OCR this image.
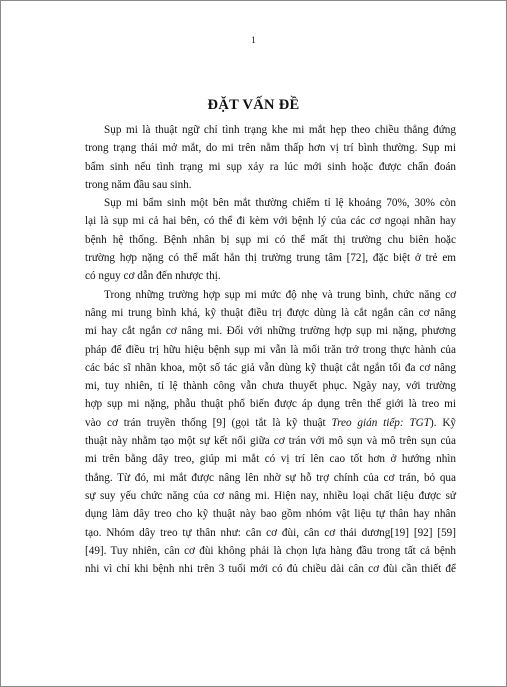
1
ĐẶT VẤN ĐỀ
Sụp mi là thuật ngữ chỉ tình trạng khe mi mắt hẹp theo chiều thẳng đứng
trong trạng thái mở mắt, do mi trên nằm thấp hơn vị trí bình thường. Sụp mi
bẩm sinh nếu tình trạng mi sụp xảy ra lúc mới sinh hoặc được chẩn đoán
trong năm đầu sau sinh.
Sụp mi bẩm sinh một bên mắt thường chiếm tỉ lệ khoảng 70%, 30% còn
lại là sụp mi cả hai bên, có thể đi kèm với bệnh lý của các cơ ngoại nhãn hay
bệnh hệ thống. Bệnh nhân bị sụp mi có thể mất thị trường chu biên hoặc
trường hợp nặng có thể mất hẳn thị trường trung tâm [72], đặc biệt ở trẻ em
có nguy cơ dẫn đến nhược thị.
Trong những trường hợp sụp mi mức độ nhẹ và trung bình, chức năng cơ
nâng mi trung bình khá, kỹ thuật điều trị được dùng là cắt ngắn cân cơ nâng
mi hay cắt ngắn cơ nâng mi. Đối với những trường hợp sụp mi nặng, phương
pháp để điều trị hữu hiệu bệnh sụp mi vẫn là mối trăn trở trong thực hành của
các bác sĩ nhãn khoa, một số tác giả vẫn dùng kỹ thuật cắt ngắn tối đa cơ nâng
mi, tuy nhiên, tỉ lệ thành công vẫn chưa thuyết phục. Ngày nay, với trường
hợp sụp mi nặng, phẫu thuật phổ biến được áp dụng trên thế giới là treo mi
vào cơ trán truyền thống [9] (gọi tắt là kỹ thuật Treo gián tiếp: TGT). Kỹ
thuật này nhằm tạo một sự kết nối giữa cơ trán với mô sụn và mô trên sụn của
mi trên bằng dây treo, giúp mi mắt có vị trí lên cao tốt hơn ở hướng nhìn
thẳng. Từ đó, mi mắt được nâng lên nhờ sự hỗ trợ chính của cơ trán, bỏ qua
sự suy yếu chức năng của cơ nâng mi. Hiện nay, nhiều loại chất liệu được sử
dụng làm dây treo cho kỹ thuật này bao gồm nhóm vật liệu tự thân hay nhân
tạo. Nhóm dây treo tự thân như: cân cơ đùi, cân cơ thái dương[19] [92] [59]
[49]. Tuy nhiên, cân cơ đùi không phải là chọn lựa hàng đầu trong tất cả bệnh
nhi vì chỉ khi bệnh nhi trên 3 tuổi mới có đủ chiều dài cân cơ đùi cần thiết để
